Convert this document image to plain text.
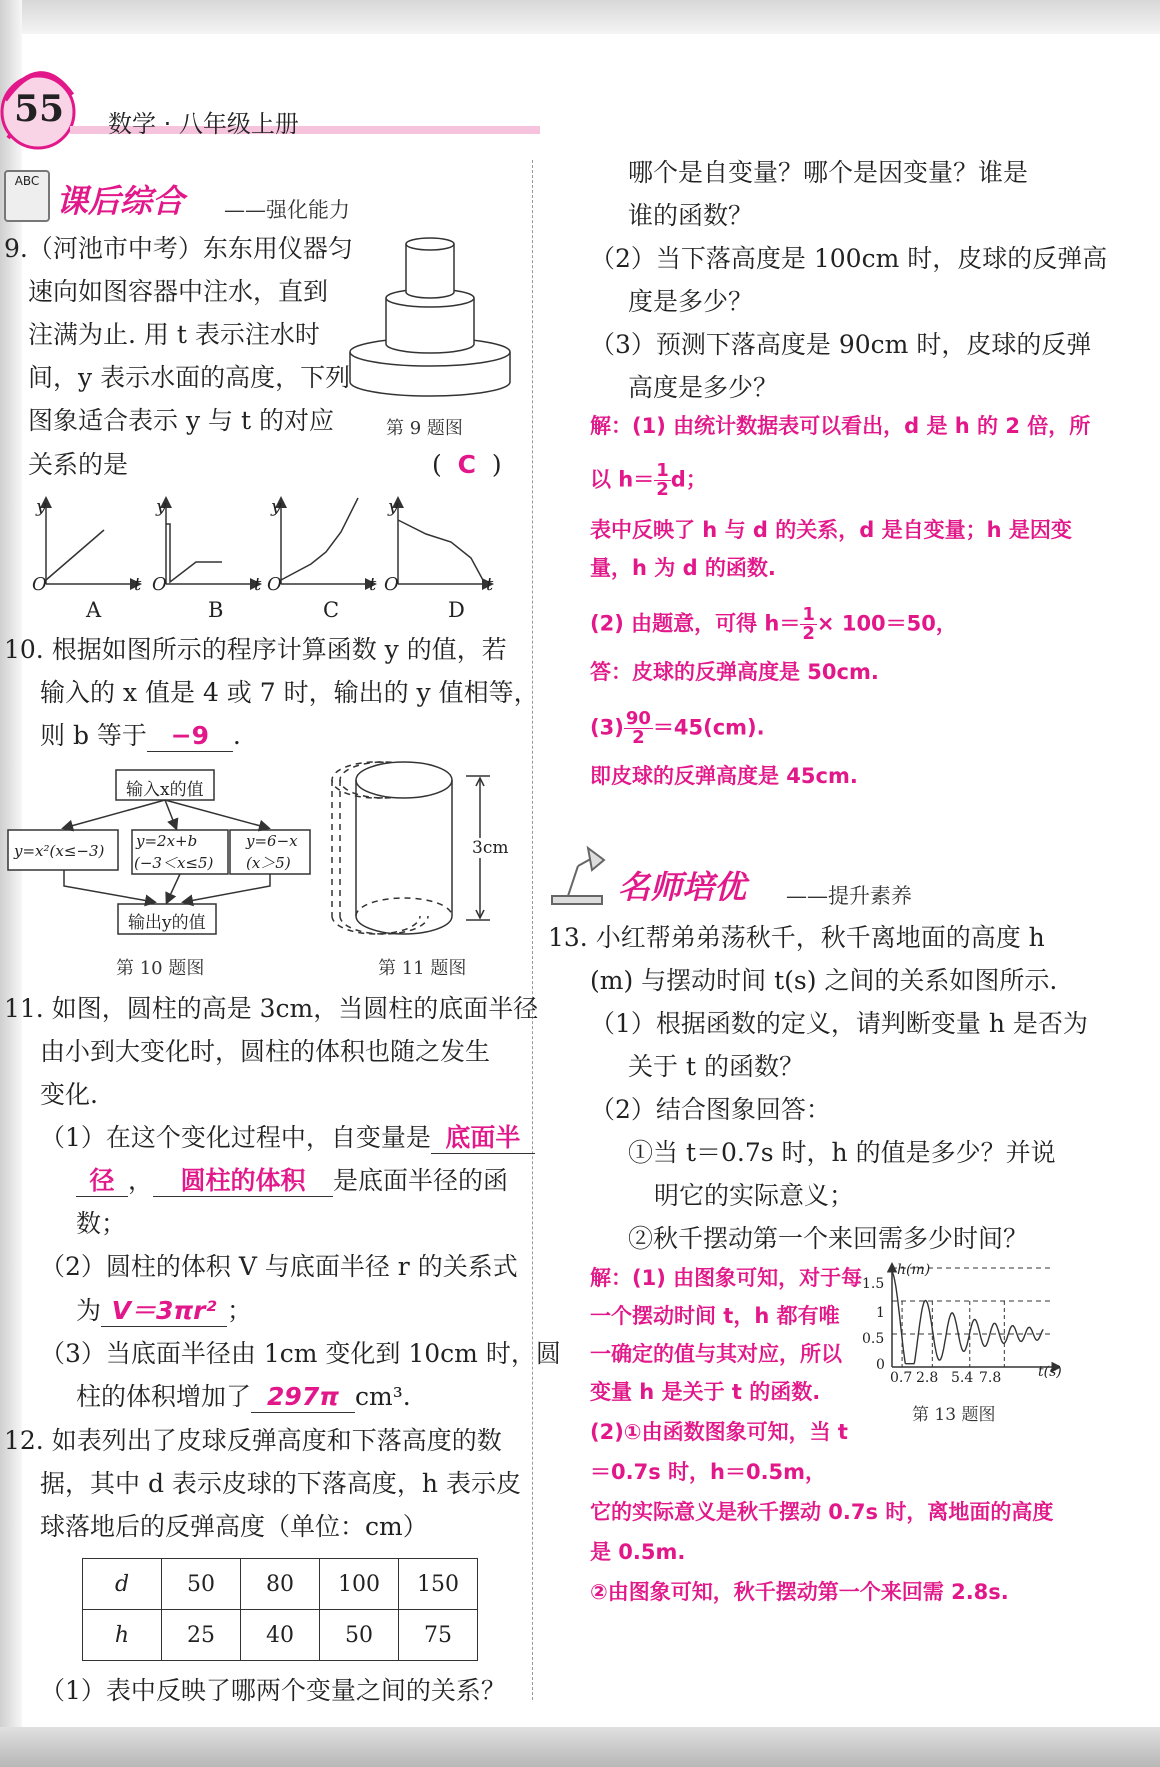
55 数学 · 八年级上册
ABC
课后综合 ——强化能力
9.（河池市中考）东东用仪器匀
速向如图容器中注水，直到
注满为止. 用 t 表示注水时
间，y 表示水面的高度，下列
图象适合表示 y 与 t 的对应
关系的是	(  C  )
第 9 题图
y
O	t
y
O	t
y
O	t
y
O	t
A	B	C	D
10. 根据如图所示的程序计算函数 y 的值，若
输入的 x 值是 4 或 7 时，输出的 y 值相等，
则 b 等于 −9 .
输入x的值
y=x²(x≤−3)
y=2x+b
(−3＜x≤5)
y=6−x
(x＞5)
输出y的值
第 10 题图
3cm
第 11 题图
11. 如图，圆柱的高是 3cm，当圆柱的底面半径
由小到大变化时，圆柱的体积也随之发生
变化.
（1）在这个变化过程中，自变量是 底面半
径 ， 圆柱的体积 是底面半径的函
数；
（2）圆柱的体积 V 与底面半径 r 的关系式
为 V＝3πr² ；
（3）当底面半径由 1cm 变化到 10cm 时，圆
柱的体积增加了 297π cm³.
12. 如表列出了皮球反弹高度和下落高度的数
据，其中 d 表示皮球的下落高度，h 表示皮
球落地后的反弹高度（单位：cm）
d	50	80	100	150
h	25	40	50	75
（1）表中反映了哪两个变量之间的关系？
哪个是自变量？哪个是因变量？谁是
谁的函数？
（2）当下落高度是 100cm 时，皮球的反弹高
度是多少？
（3）预测下落高度是 90cm 时，皮球的反弹
高度是多少？
解：(1) 由统计数据表可以看出，d 是 h 的 2 倍，所
以 $h= \frac{1}{2}$ d；
表中反映了 h 与 d 的关系，d 是自变量；h 是因变
量，h 为 d 的函数.
(2) 由题意，可得 $h= \frac{1}{2} \times 100=50$，
答：皮球的反弹高度是 50cm.
$(3) \frac{90}{2} =45(cm)$.
即皮球的反弹高度是 45cm.
名师培优 ——提升素养
13. 小红帮弟弟荡秋千，秋千离地面的高度 h
(m) 与摆动时间 t(s) 之间的关系如图所示.
（1）根据函数的定义，请判断变量 h 是否为
关于 t 的函数？
（2）结合图象回答：
①当 t＝0.7s 时，h 的值是多少？并说
明它的实际意义；
②秋千摆动第一个来回需多少时间？
解：(1) 由图象可知，对于每
一个摆动时间 t，h 都有唯
一确定的值与其对应，所以
变量 h 是关于 t 的函数.
(2)①由函数图象可知，当 t
＝0.7s 时，h＝0.5m，
它的实际意义是秋千摆动 0.7s 时，离地面的高度
是 0.5m.
②由图象可知，秋千摆动第一个来回需 2.8s.
h(m)
t(s)
1.5
1
0.5
0
0.7 2.8 5.4 7.8
第 13 题图
